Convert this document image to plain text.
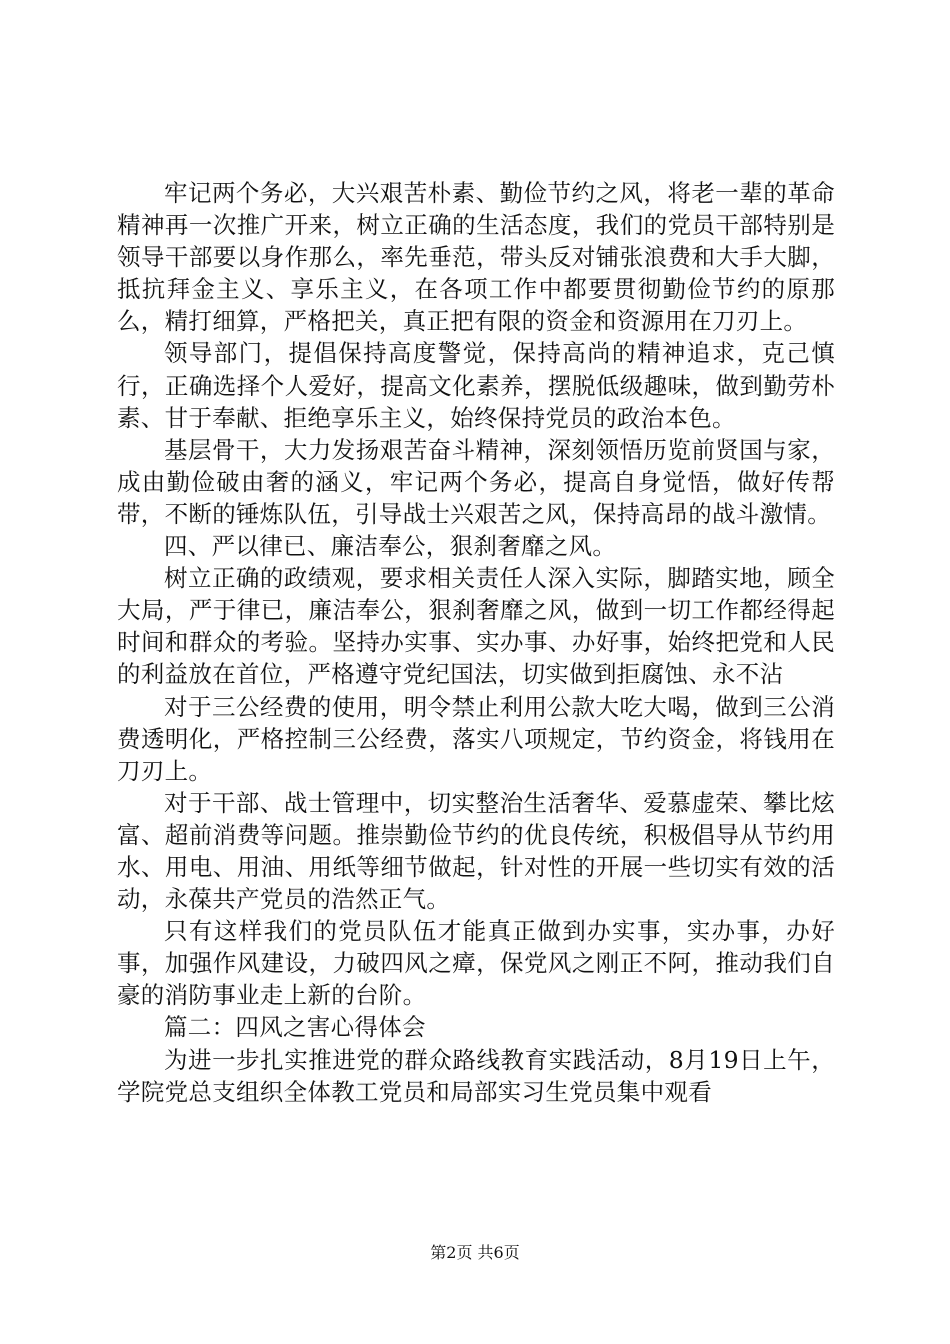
牢记两个务必，大兴艰苦朴素、勤俭节约之风，将老一辈的革命精神再一次推广开来，树立正确的生活态度，我们的党员干部特别是领导干部要以身作那么，率先垂范，带头反对铺张浪费和大手大脚，抵抗拜金主义、享乐主义，在各项工作中都要贯彻勤俭节约的原那么，精打细算，严格把关，真正把有限的资金和资源用在刀刃上。

领导部门，提倡保持高度警觉，保持高尚的精神追求，克己慎行，正确选择个人爱好，提高文化素养，摆脱低级趣味，做到勤劳朴素、甘于奉献、拒绝享乐主义，始终保持党员的政治本色。

基层骨干，大力发扬艰苦奋斗精神，深刻领悟历览前贤国与家，成由勤俭破由奢的涵义，牢记两个务必，提高自身觉悟，做好传帮带，不断的锤炼队伍，引导战士兴艰苦之风，保持高昂的战斗激情。

四、严以律已、廉洁奉公，狠刹奢靡之风。

树立正确的政绩观，要求相关责任人深入实际，脚踏实地，顾全大局，严于律已，廉洁奉公，狠刹奢靡之风，做到一切工作都经得起时间和群众的考验。坚持办实事、实办事、办好事，始终把党和人民的利益放在首位，严格遵守党纪国法，切实做到拒腐蚀、永不沾

对于三公经费的使用，明令禁止利用公款大吃大喝，做到三公消费透明化，严格控制三公经费，落实八项规定，节约资金，将钱用在刀刃上。

对于干部、战士管理中，切实整治生活奢华、爱慕虚荣、攀比炫富、超前消费等问题。推崇勤俭节约的优良传统，积极倡导从节约用水、用电、用油、用纸等细节做起，针对性的开展一些切实有效的活动，永葆共产党员的浩然正气。

只有这样我们的党员队伍才能真正做到办实事，实办事，办好事，加强作风建设，力破四风之瘴，保党风之刚正不阿，推动我们自豪的消防事业走上新的台阶。

篇二：四风之害心得体会

为进一步扎实推进党的群众路线教育实践活动，8月19日上午，学院党总支组织全体教工党员和局部实习生党员集中观看

第2页 共6页
